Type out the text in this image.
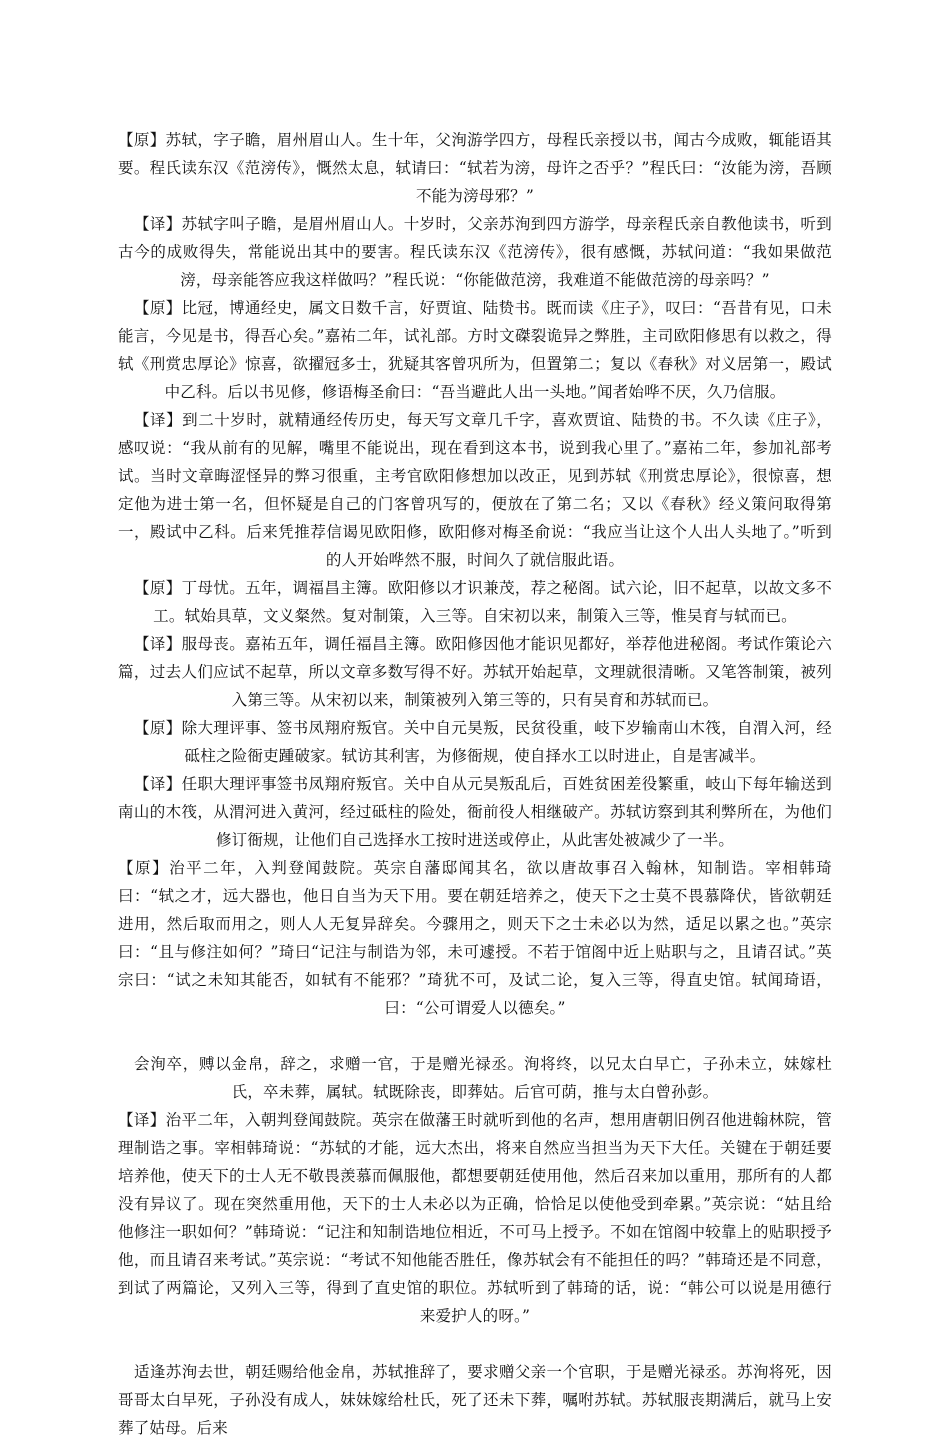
【原】苏轼，字子瞻，眉州眉山人。生十年，父洵游学四方，母程氏亲授以书，闻古今成败，辄能语其要。程氏读东汉《范滂传》，慨然太息，轼请曰：“轼若为滂，母许之否乎？”程氏曰：“汝能为滂，吾顾不能为滂母邪？”

【译】苏轼字叫子瞻，是眉州眉山人。十岁时，父亲苏洵到四方游学，母亲程氏亲自教他读书，听到古今的成败得失，常能说出其中的要害。程氏读东汉《范滂传》，很有感慨，苏轼问道：“我如果做范滂，母亲能答应我这样做吗？”程氏说：“你能做范滂，我难道不能做范滂的母亲吗？”

【原】比冠，博通经史，属文日数千言，好贾谊、陆贽书。既而读《庄子》，叹曰：“吾昔有见，口未能言，今见是书，得吾心矣。”嘉祐二年，试礼部。方时文磔裂诡异之弊胜，主司欧阳修思有以救之，得轼《刑赏忠厚论》惊喜，欲擢冠多士，犹疑其客曾巩所为，但置第二；复以《春秋》对义居第一，殿试中乙科。后以书见修，修语梅圣俞曰：“吾当避此人出一头地。”闻者始哗不厌，久乃信服。

【译】到二十岁时，就精通经传历史，每天写文章几千字，喜欢贾谊、陆贽的书。不久读《庄子》，感叹说：“我从前有的见解，嘴里不能说出，现在看到这本书，说到我心里了。”嘉祐二年，参加礼部考试。当时文章晦涩怪异的弊习很重，主考官欧阳修想加以改正，见到苏轼《刑赏忠厚论》，很惊喜，想定他为进士第一名，但怀疑是自己的门客曾巩写的，便放在了第二名；又以《春秋》经义策问取得第一，殿试中乙科。后来凭推荐信谒见欧阳修，欧阳修对梅圣俞说：“我应当让这个人出人头地了。”听到的人开始哗然不服，时间久了就信服此语。

【原】丁母忧。五年，调福昌主簿。欧阳修以才识兼茂，荐之秘阁。试六论，旧不起草，以故文多不工。轼始具草，文义粲然。复对制策，入三等。自宋初以来，制策入三等，惟吴育与轼而已。

【译】服母丧。嘉祐五年，调任福昌主簿。欧阳修因他才能识见都好，举荐他进秘阁。考试作策论六篇，过去人们应试不起草，所以文章多数写得不好。苏轼开始起草，文理就很清晰。又笔答制策，被列入第三等。从宋初以来，制策被列入第三等的，只有吴育和苏轼而已。

【原】除大理评事、签书凤翔府叛官。关中自元昊叛，民贫役重，岐下岁输南山木筏，自渭入河，经砥柱之险衙吏踵破家。轼访其利害，为修衙规，使自择水工以时进止，自是害减半。

【译】任职大理评事签书凤翔府叛官。关中自从元昊叛乱后，百姓贫困差役繁重，岐山下每年输送到南山的木筏，从渭河进入黄河，经过砥柱的险处，衙前役人相继破产。苏轼访察到其利弊所在，为他们修订衙规，让他们自己选择水工按时进送或停止，从此害处被减少了一半。

【原】治平二年，入判登闻鼓院。英宗自藩邸闻其名，欲以唐故事召入翰林，知制诰。宰相韩琦曰：“轼之才，远大器也，他日自当为天下用。要在朝廷培养之，使天下之士莫不畏慕降伏，皆欲朝廷进用，然后取而用之，则人人无复异辞矣。今骤用之，则天下之士未必以为然，适足以累之也。”英宗曰：“且与修注如何？”琦曰“记注与制诰为邻，未可遽授。不若于馆阁中近上贴职与之，且请召试。”英宗曰：“试之未知其能否，如轼有不能邪？”琦犹不可，及试二论，复入三等，得直史馆。轼闻琦语，曰：“公可谓爱人以德矣。”

会洵卒，赙以金帛，辞之，求赠一官，于是赠光禄丞。洵将终，以兄太白早亡，子孙未立，妹嫁杜氏，卒未葬，属轼。轼既除丧，即葬姑。后官可荫，推与太白曾孙彭。

【译】治平二年，入朝判登闻鼓院。英宗在做藩王时就听到他的名声，想用唐朝旧例召他进翰林院，管理制诰之事。宰相韩琦说：“苏轼的才能，远大杰出，将来自然应当担当为天下大任。关键在于朝廷要培养他，使天下的士人无不敬畏羡慕而佩服他，都想要朝廷使用他，然后召来加以重用，那所有的人都没有异议了。现在突然重用他，天下的士人未必以为正确，恰恰足以使他受到牵累。”英宗说：“姑且给他修注一职如何？”韩琦说：“记注和知制诰地位相近，不可马上授予。不如在馆阁中较靠上的贴职授予他，而且请召来考试。”英宗说：“考试不知他能否胜任，像苏轼会有不能担任的吗？”韩琦还是不同意，到试了两篇论，又列入三等，得到了直史馆的职位。苏轼听到了韩琦的话，说：“韩公可以说是用德行来爱护人的呀。”

适逢苏洵去世，朝廷赐给他金帛，苏轼推辞了，要求赠父亲一个官职，于是赠光禄丞。苏洵将死，因哥哥太白早死，子孙没有成人，妹妹嫁给杜氏，死了还未下葬，嘱咐苏轼。苏轼服丧期满后，就马上安葬了姑母。后来
